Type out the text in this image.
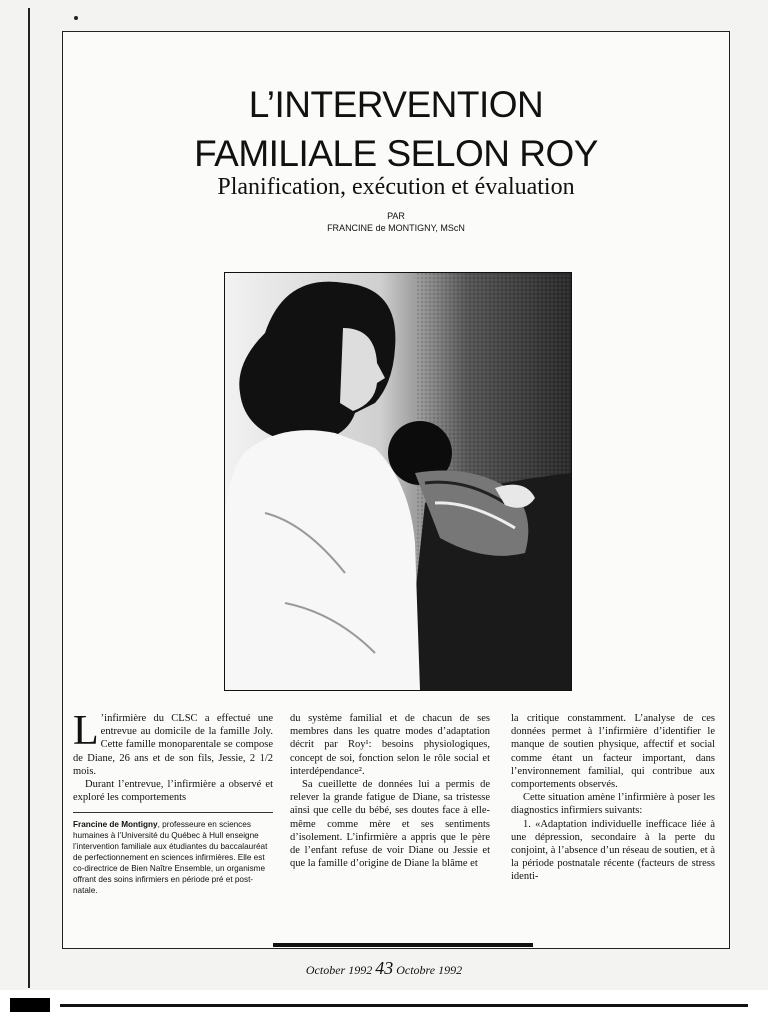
L’INTERVENTION
FAMILIALE SELON ROY
Planification, exécution et évaluation
PAR
FRANCINE de MONTIGNY, MScN

L ’infirmière du CLSC a effectué une entrevue au domicile de la famille Joly. Cette famille monoparentale se compose de Diane, 26 ans et de son fils, Jessie, 2 1/2 mois.

Durant l’entrevue, l’infirmière a observé et exploré les comportements

Francine de Montigny, professeure en sciences humaines à l’Université du Québec à Hull enseigne l’intervention familiale aux étudiantes du baccalauréat de perfectionnement en sciences infirmières. Elle est co-directrice de Bien Naître Ensemble, un organisme offrant des soins infirmiers en période pré et post-natale.

du système familial et de chacun de ses membres dans les quatre modes d’adaptation décrit par Roy¹: besoins physiologiques, concept de soi, fonction selon le rôle social et interdépendance².

Sa cueillette de données lui a permis de relever la grande fatigue de Diane, sa tristesse ainsi que celle du bébé, ses doutes face à elle-même comme mère et ses sentiments d’isolement. L’infirmière a appris que le père de l’enfant refuse de voir Diane ou Jessie et que la famille d’origine de Diane la blâme et

la critique constamment. L’analyse de ces données permet à l’infirmière d’identifier le manque de soutien physique, affectif et social comme étant un facteur important, dans l’environnement familial, qui contribue aux comportements observés.

Cette situation amène l’infirmière à poser les diagnostics infirmiers suivants:

1. «Adaptation individuelle inefficace liée à une dépression, secondaire à la perte du conjoint, à l’absence d’un réseau de soutien, et à la période postnatale récente (facteurs de stress identi-

October 1992 43 Octobre 1992
